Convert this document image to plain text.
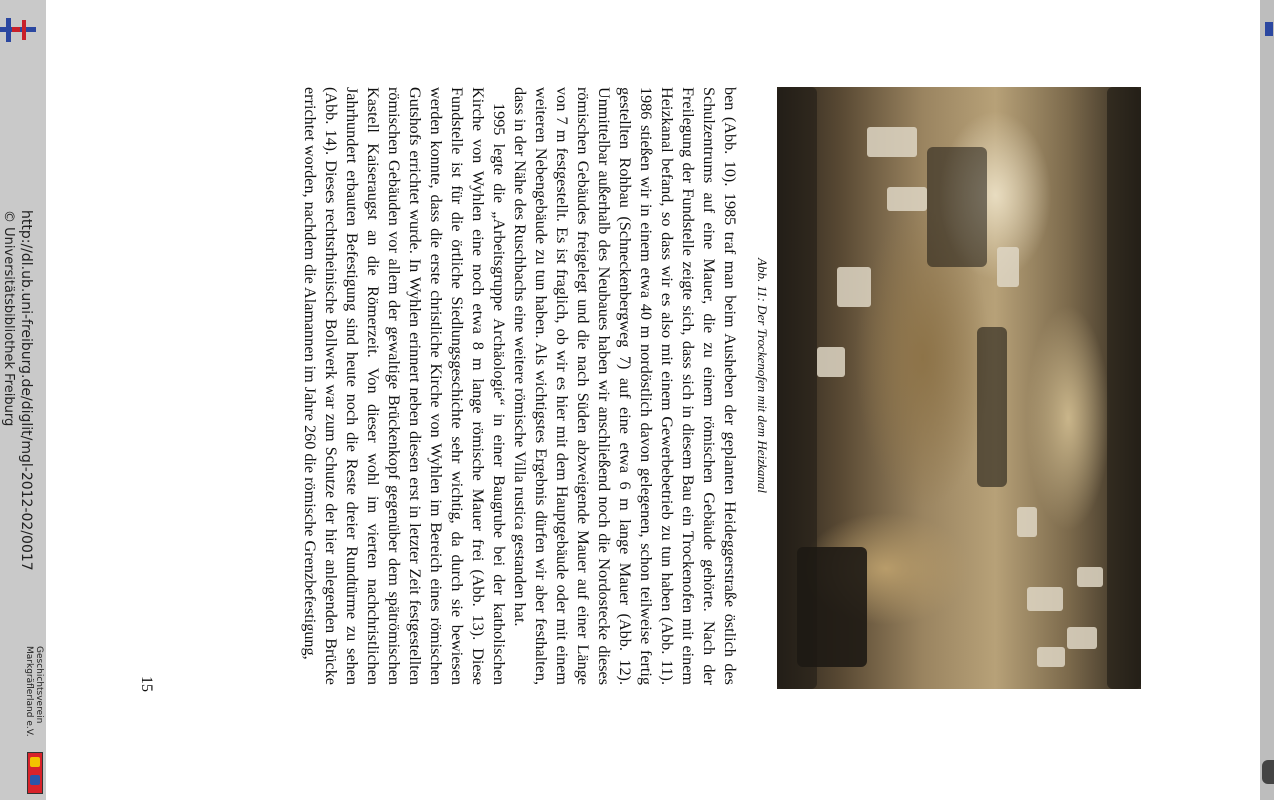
http://dl.ub.uni-freiburg.de/diglit/mgl-2012-02/0017
© Universitätsbibliothek Freiburg
Geschichtsverein
Markgräflerland e.V.
Abb. 11: Der Trockenofen mit dem Heizkanal

ben (Abb. 10). 1985 traf man beim Ausheben der geplanten Heideggerstraße östlich des Schulzentrums auf eine Mauer, die zu einem römischen Gebäude gehörte. Nach der Freilegung der Fundstelle zeigte sich, dass sich in diesem Bau ein Trockenofen mit einem Heizkanal befand, so dass wir es also mit einem Gewerbebetrieb zu tun haben (Abb. 11). 1986 stießen wir in einem etwa 40 m nordöstlich davon gelegenen, schon teilweise fertig gestellten Rohbau (Schneckenbergweg 7) auf eine etwa 6 m lange Mauer (Abb. 12). Unmittelbar außerhalb des Neubaues haben wir anschließend noch die Nordostecke dieses römischen Gebäudes freigelegt und die nach Süden abzweigende Mauer auf einer Länge von 7 m festgestellt. Es ist fraglich, ob wir es hier mit dem Hauptgebäude oder mit einem weiteren Nebengebäude zu tun haben. Als wichtigstes Ergebnis dürfen wir aber festhalten, dass in der Nähe des Ruschbachs eine weitere römische Villa rustica gestanden hat.

1995 legte die „Arbeitsgruppe Archäologie“ in einer Baugrube bei der katholischen Kirche von Wyhlen eine noch etwa 8 m lange römische Mauer frei (Abb. 13). Diese Fundstelle ist für die örtliche Siedlungsgeschichte sehr wichtig, da durch sie bewiesen werden konnte, dass die erste christliche Kirche von Wyhlen im Bereich eines römischen Gutshofs errichtet wurde. In Wyhlen erinnert neben diesen erst in letzter Zeit festgestellten römischen Gebäuden vor allem der gewaltige Brückenkopf gegenüber dem spätrömischen Kastell Kaiseraugst an die Römerzeit. Von dieser wohl im vierten nachchristlichen Jahrhundert erbauten Befestigung sind heute noch die Reste dreier Rundtürme zu sehen (Abb. 14). Dieses rechtsrheinische Bollwerk war zum Schutze der hier anlegenden Brücke errichtet worden, nachdem die Alamannen im Jahre 260 die römische Grenzbefestigung,

15
